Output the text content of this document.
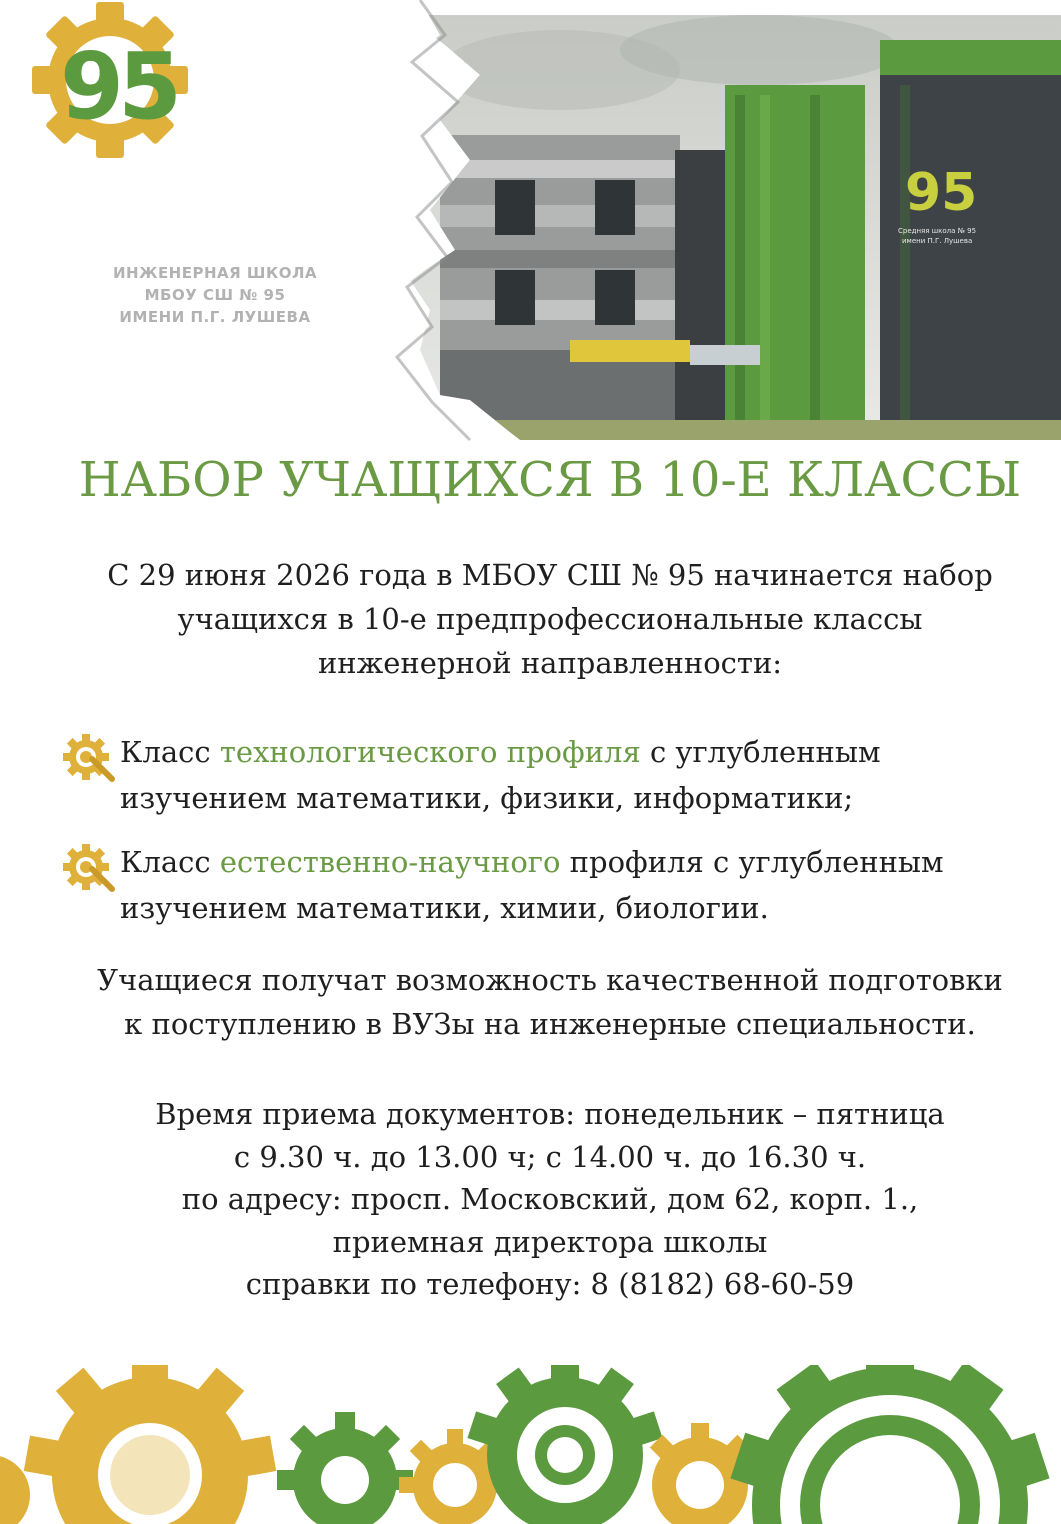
95
Средняя школа № 95
имени П.Г. Лушева
95
ИНЖЕНЕРНАЯ ШКОЛА
МБОУ СШ № 95
ИМЕНИ П.Г. ЛУШЕВА
НАБОР УЧАЩИХСЯ В 10-Е КЛАССЫ
С 29 июня 2026 года в МБОУ СШ № 95 начинается набор
учащихся в 10-е предпрофессиональные классы
инженерной направленности:
Класс технологического профиля с углубленным
изучением математики, физики, информатики;
Класс естественно-научного профиля с углубленным
изучением математики, химии, биологии.
Учащиеся получат возможность качественной подготовки
к поступлению в ВУЗы на инженерные специальности.
Время приема документов: понедельник – пятница
с 9.30 ч. до 13.00 ч; с 14.00 ч. до 16.30 ч.
по адресу: просп. Московский, дом 62, корп. 1.,
приемная директора школы
справки по телефону: 8 (8182) 68-60-59
